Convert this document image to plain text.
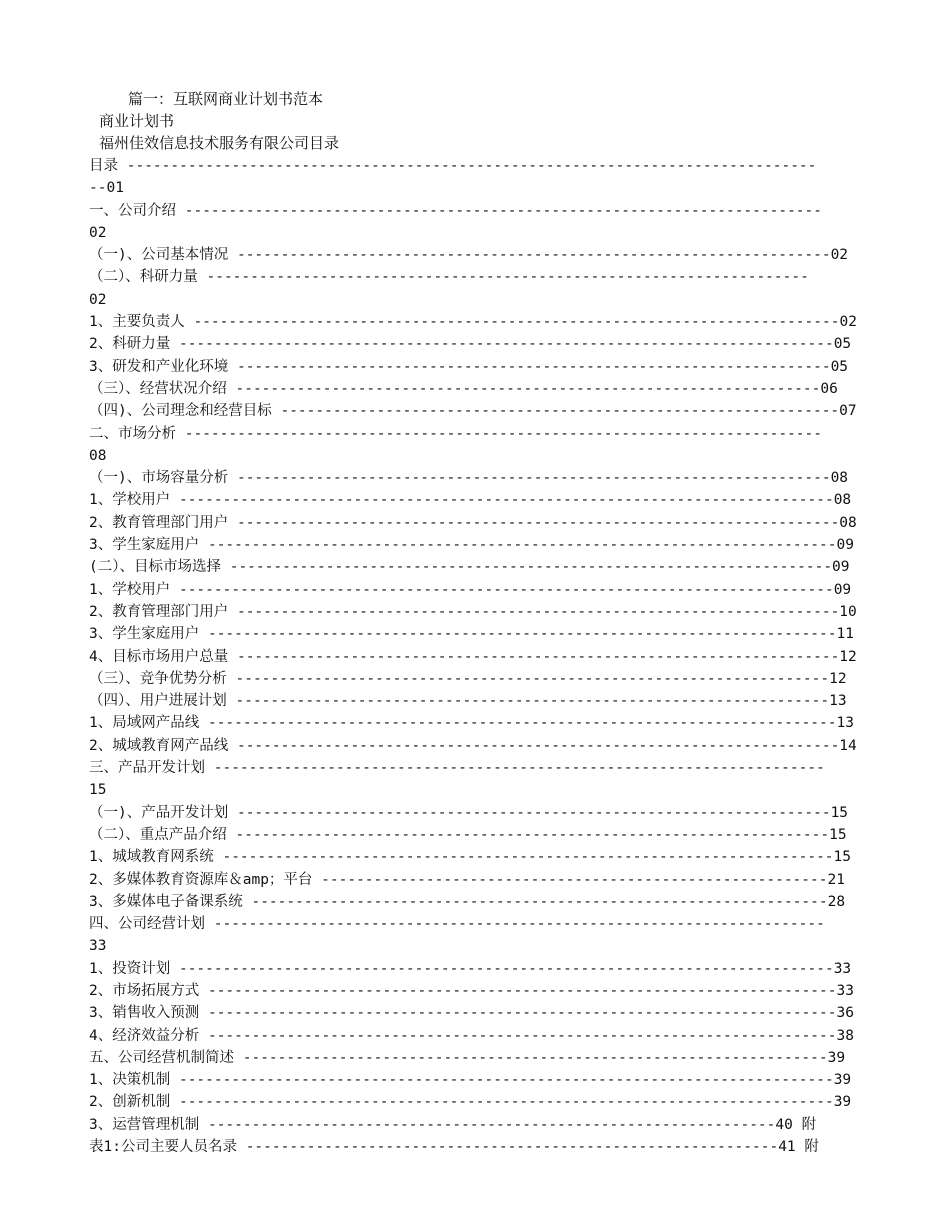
篇一：互联网商业计划书范本
商业计划书
福州佳效信息技术服务有限公司目录
目录 -------------------------------------------------------------------------------
--01
一、公司介绍 -------------------------------------------------------------------------
02
（一)、公司基本情况 --------------------------------------------------------------------02
（二）、科研力量 ---------------------------------------------------------------------
02
1、主要负责人 --------------------------------------------------------------------------02
2、科研力量 ---------------------------------------------------------------------------05
3、研发和产业化环境 --------------------------------------------------------------------05
（三）、经营状况介绍 -------------------------------------------------------------------06
（四)、公司理念和经营目标 ----------------------------------------------------------------07
二、市场分析 -------------------------------------------------------------------------
08
（一)、市场容量分析 --------------------------------------------------------------------08
1、学校用户 ---------------------------------------------------------------------------08
2、教育管理部门用户 ---------------------------------------------------------------------08
3、学生家庭用户 ------------------------------------------------------------------------09
(二）、目标市场选择 ---------------------------------------------------------------------09
1、学校用户 ---------------------------------------------------------------------------09
2、教育管理部门用户 ---------------------------------------------------------------------10
3、学生家庭用户 ------------------------------------------------------------------------11
4、目标市场用户总量 ---------------------------------------------------------------------12
（三）、竞争优势分析 --------------------------------------------------------------------12
（四）、用户进展计划 --------------------------------------------------------------------13
1、局域网产品线 ------------------------------------------------------------------------13
2、城域教育网产品线 ---------------------------------------------------------------------14
三、产品开发计划 ----------------------------------------------------------------------
15
（一)、产品开发计划 --------------------------------------------------------------------15
（二）、重点产品介绍 --------------------------------------------------------------------15
1、城域教育网系统 ----------------------------------------------------------------------15
2、多媒体教育资源库＆amp；平台 ----------------------------------------------------------21
3、多媒体电子备课系统 ------------------------------------------------------------------28
四、公司经营计划 ----------------------------------------------------------------------
33
1、投资计划 ---------------------------------------------------------------------------33
2、市场拓展方式 ------------------------------------------------------------------------33
3、销售收入预测 ------------------------------------------------------------------------36
4、经济效益分析 ------------------------------------------------------------------------38
五、公司经营机制简述 -------------------------------------------------------------------39
1、决策机制 ---------------------------------------------------------------------------39
2、创新机制 ---------------------------------------------------------------------------39
3、运营管理机制 -----------------------------------------------------------------40 附
表1:公司主要人员名录 -------------------------------------------------------------41 附
